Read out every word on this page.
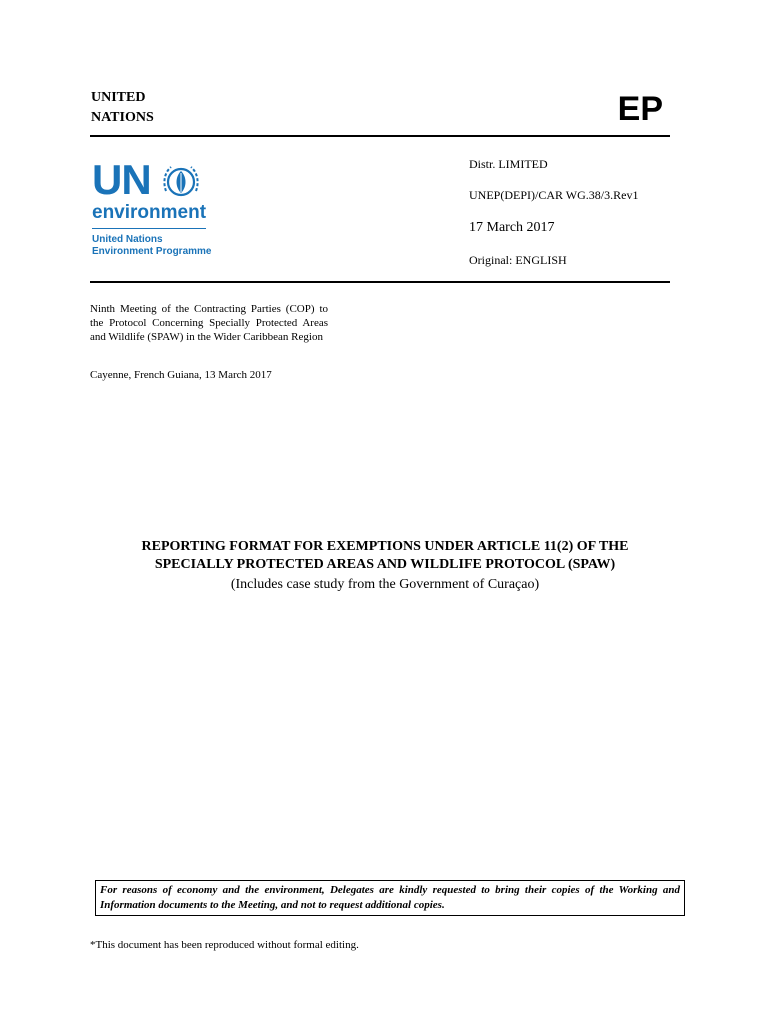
UNITED
NATIONS	EP
UN
environment
United Nations
Environment Programme
Distr. LIMITED
UNEP(DEPI)/CAR WG.38/3.Rev1
17 March 2017
Original: ENGLISH
Ninth Meeting of the Contracting Parties (COP) to the Protocol Concerning Specially Protected Areas and Wildlife (SPAW) in the Wider Caribbean Region
Cayenne, French Guiana, 13 March 2017
REPORTING FORMAT FOR EXEMPTIONS UNDER ARTICLE 11(2) OF THE
SPECIALLY PROTECTED AREAS AND WILDLIFE PROTOCOL (SPAW)
(Includes case study from the Government of Curaçao)
For reasons of economy and the environment, Delegates are kindly requested to bring their copies of the Working and Information documents to the Meeting, and not to request additional copies.
*This document has been reproduced without formal editing.
